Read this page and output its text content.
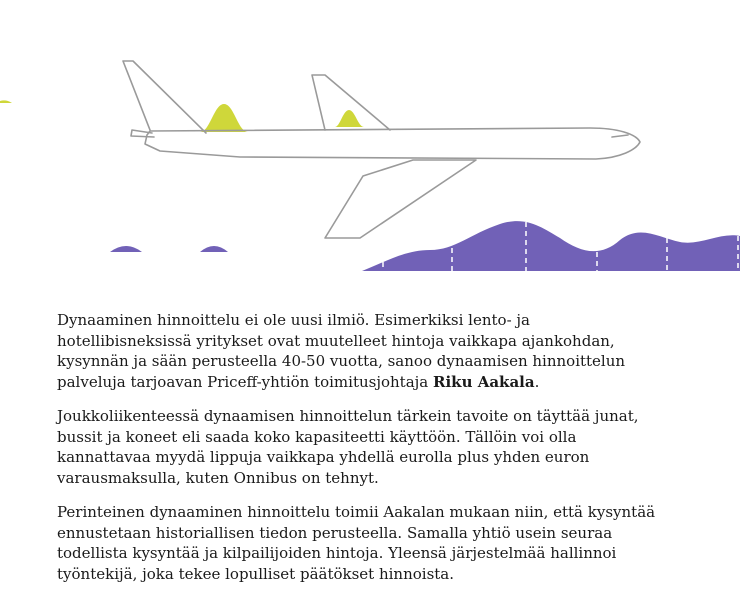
Dynaaminen hinnoittelu ei ole uusi ilmiö. Esimerkiksi lento- ja hotellibisneksissä yritykset ovat muutelleet hintoja vaikkapa ajankohdan, kysynnän ja sään perusteella 40-50 vuotta, sanoo dynaamisen hinnoittelun palveluja tarjoavan Priceff-yhtiön toimitusjohtaja Riku Aakala.

Joukkoliikenteessä dynaamisen hinnoittelun tärkein tavoite on täyttää junat, bussit ja koneet eli saada koko kapasiteetti käyttöön. Tällöin voi olla kannattavaa myydä lippuja vaikkapa yhdellä eurolla plus yhden euron varausmaksulla, kuten Onnibus on tehnyt.

Perinteinen dynaaminen hinnoittelu toimii Aakalan mukaan niin, että kysyntää ennustetaan historiallisen tiedon perusteella. Samalla yhtiö usein seuraa todellista kysyntää ja kilpailijoiden hintoja. Yleensä järjestelmää hallinnoi työntekijä, joka tekee lopulliset päätökset hinnoista.
